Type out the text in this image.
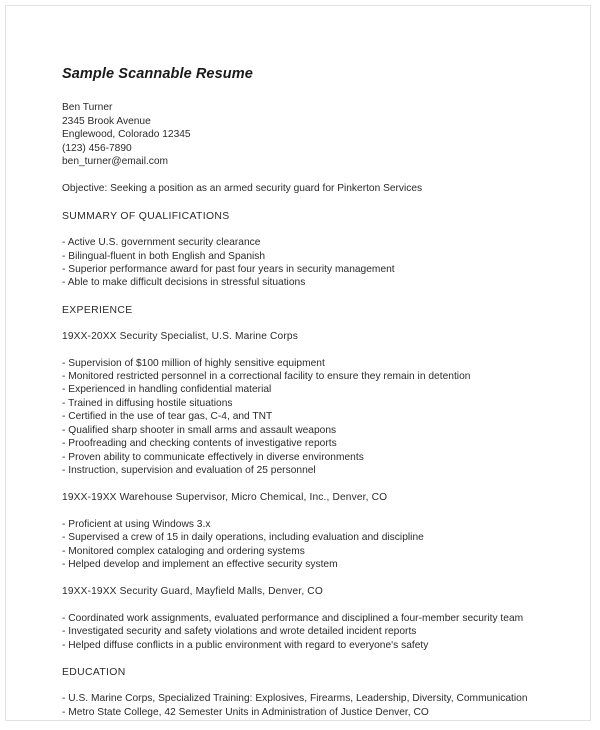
Sample Scannable Resume
Ben Turner
2345 Brook Avenue
Englewood, Colorado 12345
(123) 456-7890
ben_turner@email.com
Objective: Seeking a position as an armed security guard for Pinkerton Services
SUMMARY OF QUALIFICATIONS
- Active U.S. government security clearance
- Bilingual-fluent in both English and Spanish
- Superior performance award for past four years in security management
- Able to make difficult decisions in stressful situations
EXPERIENCE
19XX-20XX Security Specialist, U.S. Marine Corps
- Supervision of $100 million of highly sensitive equipment
- Monitored restricted personnel in a correctional facility to ensure they remain in detention
- Experienced in handling confidential material
- Trained in diffusing hostile situations
- Certified in the use of tear gas, C-4, and TNT
- Qualified sharp shooter in small arms and assault weapons
- Proofreading and checking contents of investigative reports
- Proven ability to communicate effectively in diverse environments
- Instruction, supervision and evaluation of 25 personnel
19XX-19XX Warehouse Supervisor, Micro Chemical, Inc., Denver, CO
- Proficient at using Windows 3.x
- Supervised a crew of 15 in daily operations, including evaluation and discipline
- Monitored complex cataloging and ordering systems
- Helped develop and implement an effective security system
19XX-19XX Security Guard, Mayfield Malls, Denver, CO
- Coordinated work assignments, evaluated performance and disciplined a four-member security team
- Investigated security and safety violations and wrote detailed incident reports
- Helped diffuse conflicts in a public environment with regard to everyone's safety
EDUCATION
- U.S. Marine Corps, Specialized Training: Explosives, Firearms, Leadership, Diversity, Communication
- Metro State College, 42 Semester Units in Administration of Justice Denver, CO
